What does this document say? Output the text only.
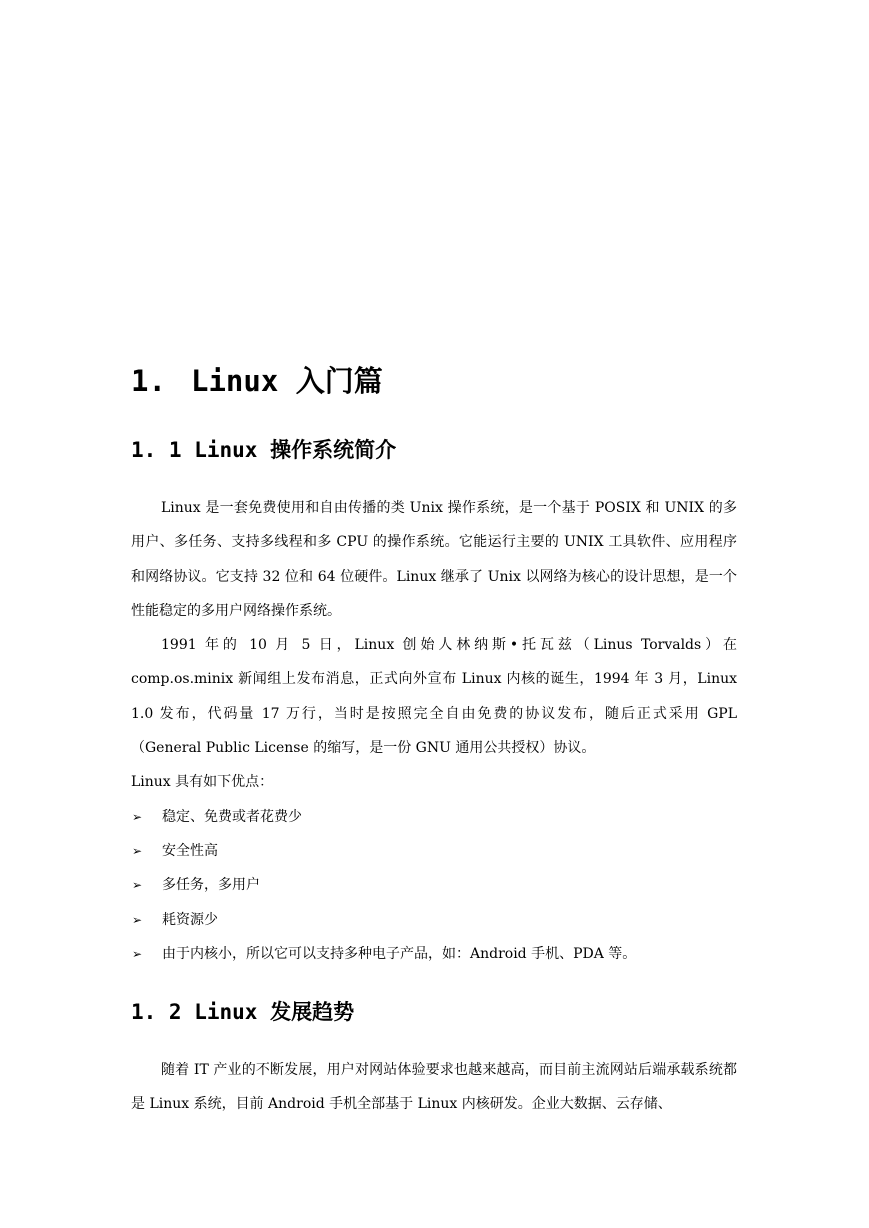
1. Linux 入门篇
1. 1 Linux 操作系统简介

Linux 是一套免费使用和自由传播的类 Unix 操作系统，是一个基于 POSIX 和 UNIX 的多用户、多任务、支持多线程和多 CPU 的操作系统。它能运行主要的 UNIX 工具软件、应用程序和网络协议。它支持 32 位和 64 位硬件。Linux 继承了 Unix 以网络为核心的设计思想，是一个性能稳定的多用户网络操作系统。

1991 年的 10 月 5 日，Linux 创始人林纳斯•托瓦兹（Linus Torvalds）在 comp.os.minix 新闻组上发布消息，正式向外宣布 Linux 内核的诞生，1994 年 3 月，Linux 1.0 发布，代码量 17 万行，当时是按照完全自由免费的协议发布，随后正式采用 GPL（General Public License 的缩写，是一份 GNU 通用公共授权）协议。

Linux 具有如下优点：

➢ 稳定、免费或者花费少
➢ 安全性高
➢ 多任务，多用户
➢ 耗资源少
➢ 由于内核小，所以它可以支持多种电子产品，如：Android 手机、PDA 等。
1. 2 Linux 发展趋势

随着 IT 产业的不断发展，用户对网站体验要求也越来越高，而目前主流网站后端承载系统都是 Linux 系统，目前 Android 手机全部基于 Linux 内核研发。企业大数据、云存储、
